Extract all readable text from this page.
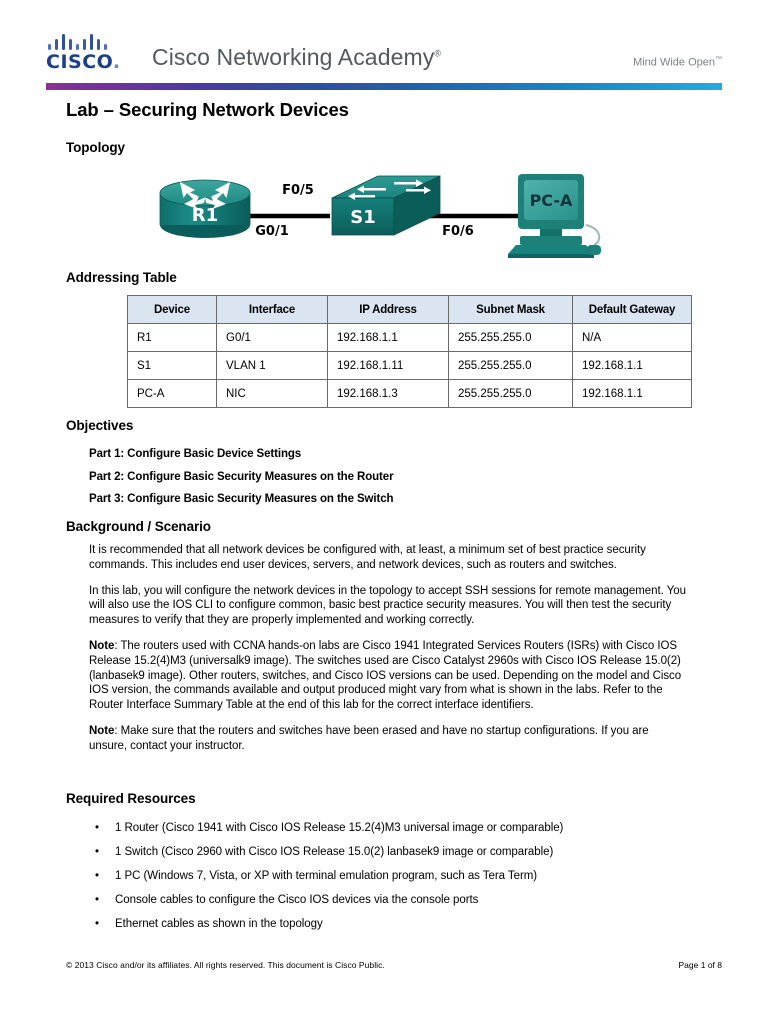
CISCO.	Cisco Networking Academy®
Mind Wide Open™
Lab – Securing Network Devices
Topology
R1	S1
PC-A
F0/5
G0/1	F0/6
Addressing Table
Device	Interface	IP Address	Subnet Mask	Default Gateway
R1	G0/1	192.168.1.1	255.255.255.0	N/A
S1	VLAN 1	192.168.1.11	255.255.255.0	192.168.1.1
PC-A	NIC	192.168.1.3	255.255.255.0	192.168.1.1
Objectives
Part 1: Configure Basic Device Settings
Part 2: Configure Basic Security Measures on the Router
Part 3: Configure Basic Security Measures on the Switch
Background / Scenario

It is recommended that all network devices be configured with, at least, a minimum set of best practice security commands. This includes end user devices, servers, and network devices, such as routers and switches.

In this lab, you will configure the network devices in the topology to accept SSH sessions for remote management. You will also use the IOS CLI to configure common, basic best practice security measures. You will then test the security measures to verify that they are properly implemented and working correctly.

Note: The routers used with CCNA hands-on labs are Cisco 1941 Integrated Services Routers (ISRs) with Cisco IOS Release 15.2(4)M3 (universalk9 image). The switches used are Cisco Catalyst 2960s with Cisco IOS Release 15.0(2) (lanbasek9 image). Other routers, switches, and Cisco IOS versions can be used. Depending on the model and Cisco IOS version, the commands available and output produced might vary from what is shown in the labs. Refer to the Router Interface Summary Table at the end of this lab for the correct interface identifiers.

Note: Make sure that the routers and switches have been erased and have no startup configurations. If you are unsure, contact your instructor.

Required Resources
• 1 Router (Cisco 1941 with Cisco IOS Release 15.2(4)M3 universal image or comparable)
• 1 Switch (Cisco 2960 with Cisco IOS Release 15.0(2) lanbasek9 image or comparable)
• 1 PC (Windows 7, Vista, or XP with terminal emulation program, such as Tera Term)
• Console cables to configure the Cisco IOS devices via the console ports
• Ethernet cables as shown in the topology
© 2013 Cisco and/or its affiliates. All rights reserved. This document is Cisco Public.	Page 1 of 8
